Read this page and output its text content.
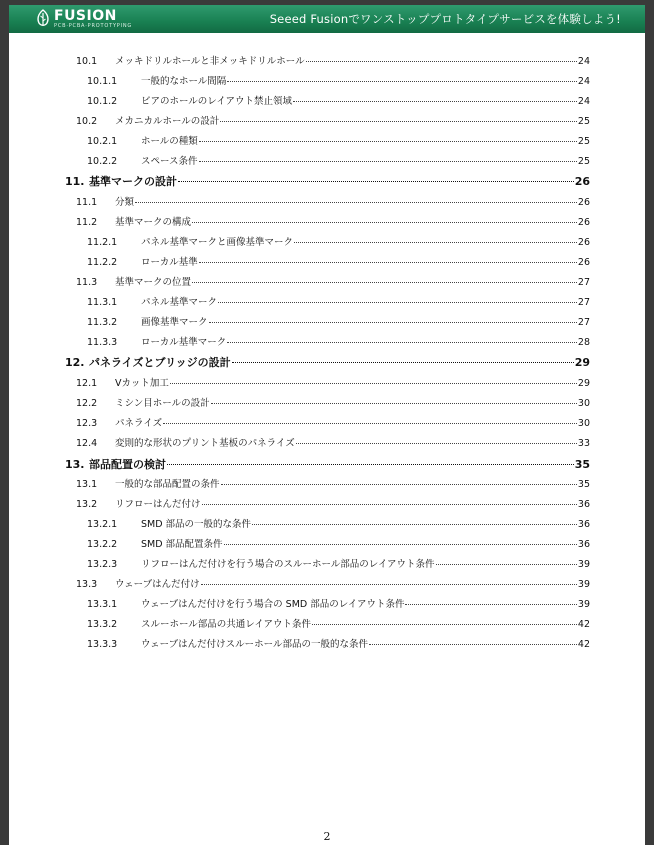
FUSION
PCB·PCBA·PROTOTYPING	Seeed Fusionでワンストッププロトタイプサービスを体験しよう!
10.1	メッキドリルホールと非メッキドリルホール	24
10.1.1	一般的なホール間隔	24
10.1.2	ビアのホールのレイアウト禁止領域	24
10.2	メカニカルホールの設計	25
10.2.1	ホールの種類	25
10.2.2	スペース条件	25
11. 基準マークの設計	26
11.1	分類	26
11.2	基準マークの構成	26
11.2.1	パネル基準マークと画像基準マーク	26
11.2.2	ローカル基準	26
11.3	基準マークの位置	27
11.3.1	パネル基準マーク	27
11.3.2	画像基準マーク	27
11.3.3	ローカル基準マーク	28
12. パネライズとブリッジの設計	29
12.1	Vカット加工	29
12.2	ミシン目ホールの設計	30
12.3	パネライズ	30
12.4	変則的な形状のプリント基板のパネライズ	33
13. 部品配置の検討	35
13.1	一般的な部品配置の条件	35
13.2	リフローはんだ付け	36
13.2.1	SMD 部品の一般的な条件	36
13.2.2	SMD 部品配置条件	36
13.2.3	リフローはんだ付けを行う場合のスルーホール部品のレイアウト条件	39
13.3	ウェーブはんだ付け	39
13.3.1	ウェーブはんだ付けを行う場合の SMD 部品のレイアウト条件	39
13.3.2	スルーホール部品の共通レイアウト条件	42
13.3.3	ウェーブはんだ付けスルーホール部品の一般的な条件	42
2
